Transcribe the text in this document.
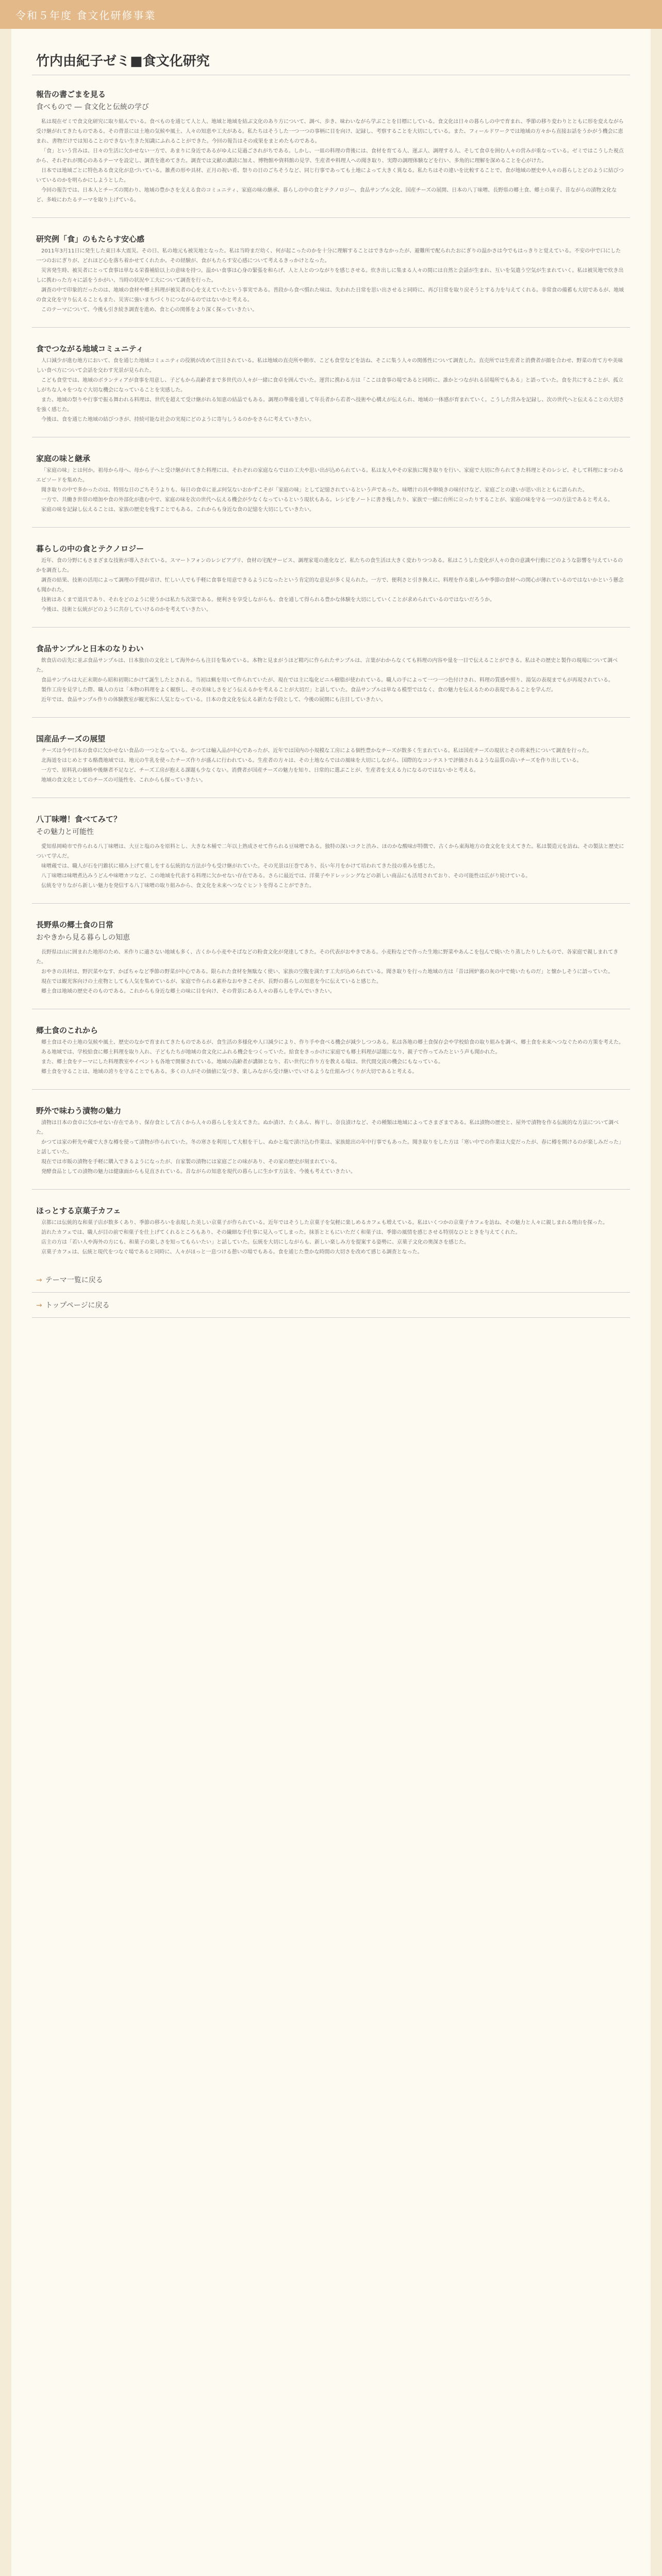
令和５年度 食文化研修事業
竹内由紀子ゼミ■食文化研究
報告の書ごまを見る
食べもので ― 食文化と伝統の学び

私は現在ゼミで食文化研究に取り組んでいる。食べものを通じて人と人、地域と地域を結ぶ文化のあり方について、調べ、歩き、味わいながら学ぶことを目標にしている。食文化は日々の暮らしの中で育まれ、季節の移り変わりとともに形を変えながら受け継がれてきたものである。その背景には土地の気候や風土、人々の知恵や工夫がある。私たちはそうした一つ一つの事柄に目を向け、記録し、考察することを大切にしている。また、フィールドワークでは地域の方々から直接お話をうかがう機会に恵まれ、書物だけでは知ることのできない生きた知識にふれることができた。今回の報告はその成果をまとめたものである。

「食」という営みは、日々の生活に欠かせない一方で、あまりに身近であるがゆえに見過ごされがちである。しかし、一皿の料理の背後には、食材を育てる人、運ぶ人、調理する人、そして食卓を囲む人々の営みが重なっている。ゼミではこうした視点から、それぞれが関心のあるテーマを設定し、調査を進めてきた。調査では文献の講読に加え、博物館や資料館の見学、生産者や料理人への聞き取り、実際の調理体験などを行い、多角的に理解を深めることを心がけた。

日本では地域ごとに特色ある食文化が息づいている。雑煮の形や具材、正月の祝い肴、祭りの日のごちそうなど、同じ行事であっても土地によって大きく異なる。私たちはその違いを比較することで、食が地域の歴史や人々の暮らしとどのように結びついているのかを明らかにしようとした。

今回の報告では、日本人とチーズの関わり、地域の豊かさを支える食のコミュニティ、家庭の味の継承、暮らしの中の食とテクノロジー、食品サンプル文化、国産チーズの展開、日本の八丁味噌、長野県の郷土食、郷土の菓子、昔ながらの漬物文化など、多岐にわたるテーマを取り上げている。

研究例「食」のもたらす安心感

2011年3月11日に発生した東日本大震災。その日、私の地元も被災地となった。私は当時まだ幼く、何が起こったのかを十分に理解することはできなかったが、避難所で配られたおにぎりの温かさは今でもはっきりと覚えている。不安の中で口にした一つのおにぎりが、どれほど心を落ち着かせてくれたか。その経験が、食がもたらす安心感について考えるきっかけとなった。

災害発生時、被災者にとって食事は単なる栄養補給以上の意味を持つ。温かい食事は心身の緊張を和らげ、人と人とのつながりを感じさせる。炊き出しに集まる人々の間には自然と会話が生まれ、互いを気遣う空気が生まれていく。私は被災地で炊き出しに携わった方々に話をうかがい、当時の状況や工夫について調査を行った。

調査の中で印象的だったのは、地域の食材や郷土料理が被災者の心を支えていたという事実である。普段から食べ慣れた味は、失われた日常を思い出させると同時に、再び日常を取り戻そうとする力を与えてくれる。非常食の備蓄も大切であるが、地域の食文化を守り伝えることもまた、災害に強いまちづくりにつながるのではないかと考える。

このテーマについて、今後も引き続き調査を進め、食と心の関係をより深く探っていきたい。

食でつながる地域コミュニティ

人口減少が進む地方において、食を通じた地域コミュニティの役割が改めて注目されている。私は地域の直売所や朝市、こども食堂などを訪ね、そこに集う人々の関係性について調査した。直売所では生産者と消費者が顔を合わせ、野菜の育て方や美味しい食べ方について会話を交わす光景が見られた。

こども食堂では、地域のボランティアが食事を用意し、子どもから高齢者まで多世代の人々が一緒に食卓を囲んでいた。運営に携わる方は「ここは食事の場であると同時に、誰かとつながれる居場所でもある」と語っていた。食を共にすることが、孤立しがちな人々をつなぐ大切な機会になっていることを実感した。

また、地域の祭りや行事で振る舞われる料理は、世代を超えて受け継がれる知恵の結晶でもある。調理の準備を通して年長者から若者へ技術や心構えが伝えられ、地域の一体感が育まれていく。こうした営みを記録し、次の世代へと伝えることの大切さを強く感じた。

今後は、食を通じた地域の結びつきが、持続可能な社会の実現にどのように寄与しうるのかをさらに考えていきたい。

家庭の味と継承

「家庭の味」とは何か。祖母から母へ、母から子へと受け継がれてきた料理には、それぞれの家庭ならではの工夫や思い出が込められている。私は友人やその家族に聞き取りを行い、家庭で大切に作られてきた料理とそのレシピ、そして料理にまつわるエピソードを集めた。

聞き取りの中で多かったのは、特別な日のごちそうよりも、毎日の食卓に並ぶ何気ないおかずこそが「家庭の味」として記憶されているという声であった。味噌汁の具や卵焼きの味付けなど、家庭ごとの違いが思い出とともに語られた。

一方で、共働き世帯の増加や食の外部化が進む中で、家庭の味を次の世代へ伝える機会が少なくなっているという現状もある。レシピをノートに書き残したり、家族で一緒に台所に立ったりすることが、家庭の味を守る一つの方法であると考える。

家庭の味を記録し伝えることは、家族の歴史を残すことでもある。これからも身近な食の記憶を大切にしていきたい。

暮らしの中の食とテクノロジー

近年、食の分野にもさまざまな技術が導入されている。スマートフォンのレシピアプリ、食材の宅配サービス、調理家電の進化など、私たちの食生活は大きく変わりつつある。私はこうした変化が人々の食の意識や行動にどのような影響を与えているのかを調査した。

調査の結果、技術の活用によって調理の手間が省け、忙しい人でも手軽に食事を用意できるようになったという肯定的な意見が多く見られた。一方で、便利さと引き換えに、料理を作る楽しみや季節の食材への関心が薄れているのではないかという懸念も聞かれた。

技術はあくまで道具であり、それをどのように使うかは私たち次第である。便利さを享受しながらも、食を通して得られる豊かな体験を大切にしていくことが求められているのではないだろうか。

今後は、技術と伝統がどのように共存していけるのかを考えていきたい。

食品サンプルと日本のなりわい

飲食店の店先に並ぶ食品サンプルは、日本独自の文化として海外からも注目を集めている。本物と見まがうほど精巧に作られたサンプルは、言葉がわからなくても料理の内容や量を一目で伝えることができる。私はその歴史と製作の現場について調べた。

食品サンプルは大正末期から昭和初期にかけて誕生したとされる。当初は蝋を用いて作られていたが、現在では主に塩化ビニル樹脂が使われている。職人の手によって一つ一つ色付けされ、料理の質感や照り、湯気の表現までもが再現されている。

製作工房を見学した際、職人の方は「本物の料理をよく観察し、その美味しさをどう伝えるかを考えることが大切だ」と話していた。食品サンプルは単なる模型ではなく、食の魅力を伝えるための表現であることを学んだ。

近年では、食品サンプル作りの体験教室が観光客に人気となっている。日本の食文化を伝える新たな手段として、今後の展開にも注目していきたい。

国産品チーズの展望

チーズは今や日本の食卓に欠かせない食品の一つとなっている。かつては輸入品が中心であったが、近年では国内の小規模な工房による個性豊かなチーズが数多く生まれている。私は国産チーズの現状とその将来性について調査を行った。

北海道をはじめとする酪農地域では、地元の牛乳を使ったチーズ作りが盛んに行われている。生産者の方々は、その土地ならではの風味を大切にしながら、国際的なコンテストで評価されるような品質の高いチーズを作り出している。

一方で、原料乳の価格や後継者不足など、チーズ工房が抱える課題も少なくない。消費者が国産チーズの魅力を知り、日常的に選ぶことが、生産者を支える力になるのではないかと考える。

地域の食文化としてのチーズの可能性を、これからも探っていきたい。

八丁味噌！食べてみて？
その魅力と可能性

愛知県岡崎市で作られる八丁味噌は、大豆と塩のみを原料とし、大きな木桶で二年以上熟成させて作られる豆味噌である。独特の深いコクと渋み、ほのかな酸味が特徴で、古くから東海地方の食文化を支えてきた。私は製造元を訪ね、その製法と歴史について学んだ。

味噌蔵では、職人が石を円錐状に積み上げて重しをする伝統的な方法が今も受け継がれていた。その光景は圧巻であり、長い年月をかけて培われてきた技の重みを感じた。

八丁味噌は味噌煮込みうどんや味噌カツなど、この地域を代表する料理に欠かせない存在である。さらに最近では、洋菓子やドレッシングなどの新しい商品にも活用されており、その可能性は広がり続けている。

伝統を守りながら新しい魅力を発信する八丁味噌の取り組みから、食文化を未来へつなぐヒントを得ることができた。

長野県の郷土食の日常
おやきから見る暮らしの知恵

長野県は山に囲まれた地形のため、米作りに適さない地域も多く、古くから小麦やそばなどの粉食文化が発達してきた。その代表がおやきである。小麦粉などで作った生地に野菜やあんこを包んで焼いたり蒸したりしたもので、各家庭で親しまれてきた。

おやきの具材は、野沢菜やなす、かぼちゃなど季節の野菜が中心である。限られた食材を無駄なく使い、家族の空腹を満たす工夫が込められている。聞き取りを行った地域の方は「昔は囲炉裏の灰の中で焼いたものだ」と懐かしそうに語っていた。

現在では観光客向けの土産物としても人気を集めているが、家庭で作られる素朴なおやきこそが、長野の暮らしの知恵を今に伝えていると感じた。

郷土食は地域の歴史そのものである。これからも身近な郷土の味に目を向け、その背景にある人々の暮らしを学んでいきたい。

郷土食のこれから

郷土食はその土地の気候や風土、歴史のなかで育まれてきたものであるが、食生活の多様化や人口減少により、作り手や食べる機会が減少しつつある。私は各地の郷土食保存会や学校給食の取り組みを調べ、郷土食を未来へつなぐための方策を考えた。

ある地域では、学校給食に郷土料理を取り入れ、子どもたちが地域の食文化にふれる機会をつくっていた。給食をきっかけに家庭でも郷土料理が話題になり、親子で作ってみたという声も聞かれた。

また、郷土食をテーマにした料理教室やイベントも各地で開催されている。地域の高齢者が講師となり、若い世代に作り方を教える場は、世代間交流の機会にもなっている。

郷土食を守ることは、地域の誇りを守ることでもある。多くの人がその価値に気づき、楽しみながら受け継いでいけるような仕組みづくりが大切であると考える。

野外で味わう漬物の魅力

漬物は日本の食卓に欠かせない存在であり、保存食として古くから人々の暮らしを支えてきた。ぬか漬け、たくあん、梅干し、奈良漬けなど、その種類は地域によってさまざまである。私は漬物の歴史と、屋外で漬物を作る伝統的な方法について調べた。

かつては家の軒先や蔵で大きな樽を使って漬物が作られていた。冬の寒さを利用して大根を干し、ぬかと塩で漬け込む作業は、家族総出の年中行事でもあった。聞き取りをした方は「寒い中での作業は大変だったが、春に樽を開けるのが楽しみだった」と話していた。

現在では市販の漬物を手軽に購入できるようになったが、自家製の漬物には家庭ごとの味があり、その家の歴史が刻まれている。

発酵食品としての漬物の魅力は健康面からも見直されている。昔ながらの知恵を現代の暮らしに生かす方法を、今後も考えていきたい。

ほっとする京菓子カフェ

京都には伝統的な和菓子店が数多くあり、季節の移ろいを表現した美しい京菓子が作られている。近年ではそうした京菓子を気軽に楽しめるカフェも増えている。私はいくつかの京菓子カフェを訪ね、その魅力と人々に親しまれる理由を探った。

訪れたカフェでは、職人が目の前で和菓子を仕上げてくれるところもあり、その繊細な手仕事に見入ってしまった。抹茶とともにいただく和菓子は、季節の風情を感じさせる特別なひとときを与えてくれた。

店主の方は「若い人や海外の方にも、和菓子の楽しさを知ってもらいたい」と話していた。伝統を大切にしながらも、新しい楽しみ方を提案する姿勢に、京菓子文化の奥深さを感じた。

京菓子カフェは、伝統と現代をつなぐ場であると同時に、人々がほっと一息つける憩いの場でもある。食を通じた豊かな時間の大切さを改めて感じる調査となった。

→ テーマ一覧に戻る
→ トップページに戻る
